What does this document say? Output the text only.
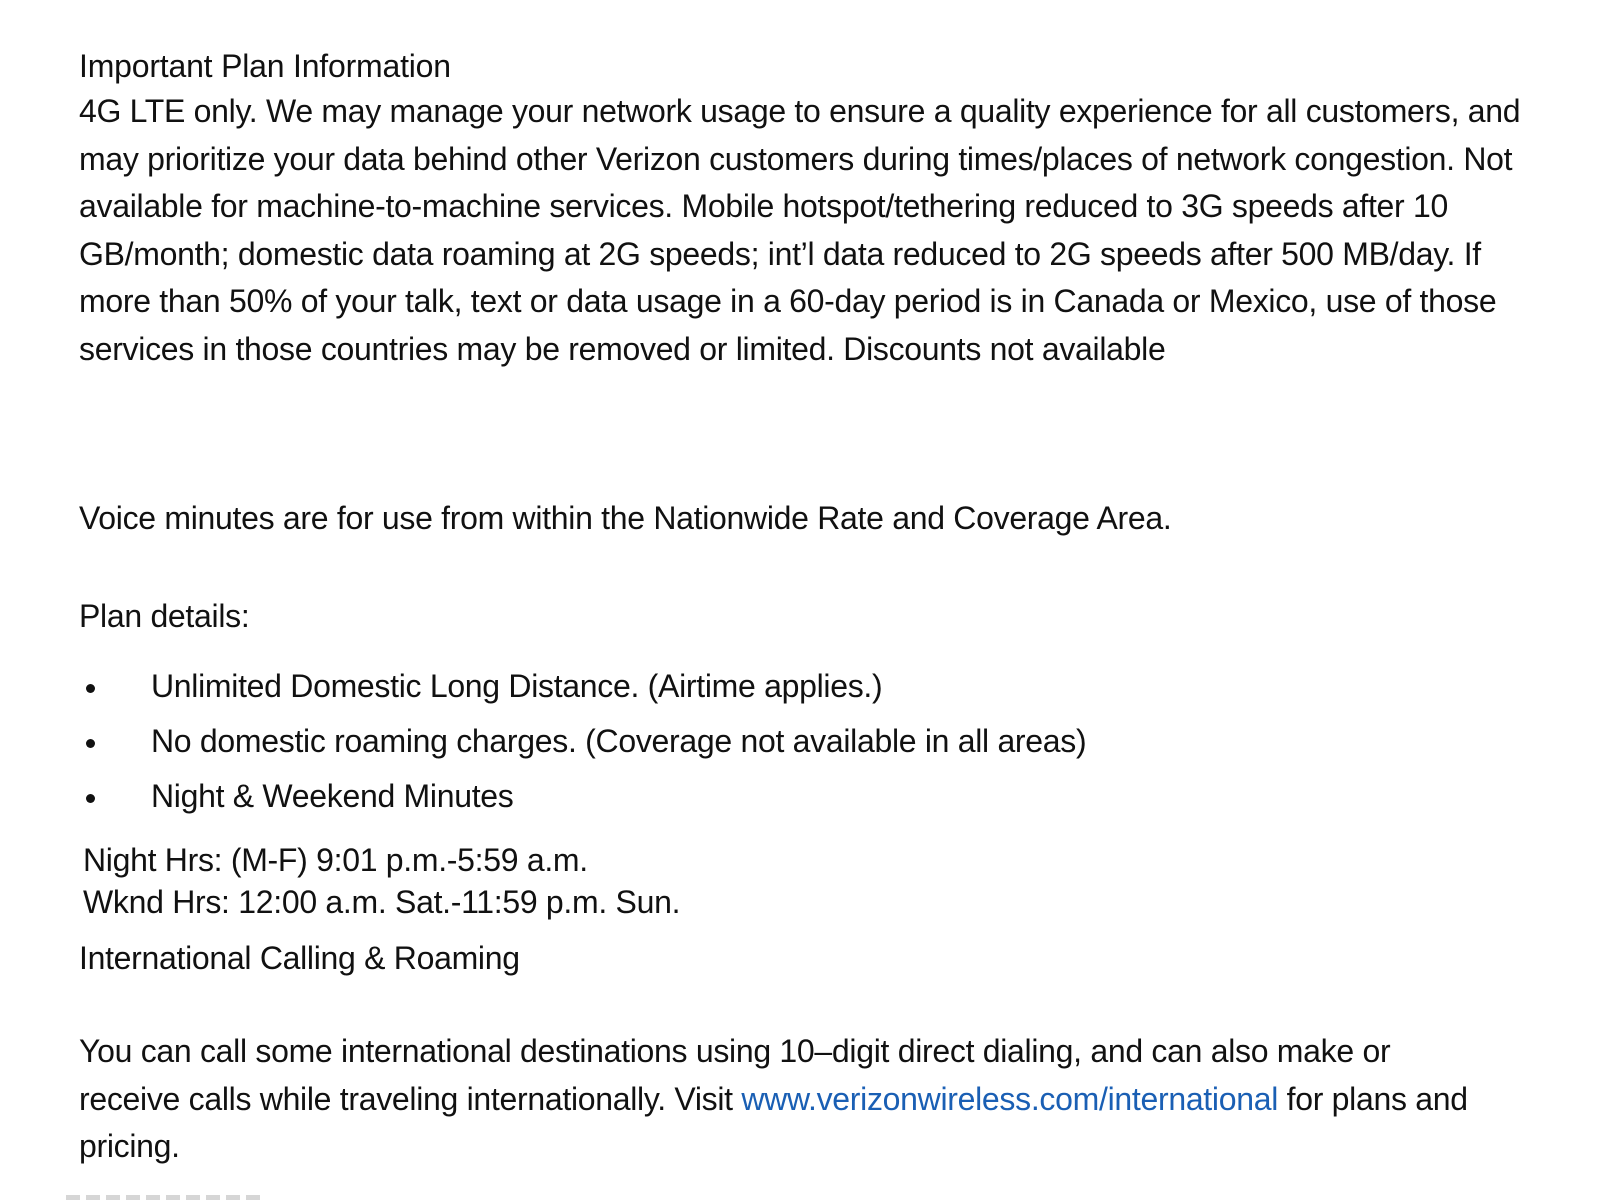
Important Plan Information

4G LTE only. We may manage your network usage to ensure a quality experience for all customers, and may prioritize your data behind other Verizon customers during times/places of network congestion. Not available for machine-to-machine services. Mobile hotspot/tethering reduced to 3G speeds after 10 GB/month; domestic data roaming at 2G speeds; int’l data reduced to 2G speeds after 500 MB/day. If more than 50% of your talk, text or data usage in a 60-day period is in Canada or Mexico, use of those services in those countries may be removed or limited. Discounts not available

Voice minutes are for use from within the Nationwide Rate and Coverage Area.

Plan details:

Unlimited Domestic Long Distance. (Airtime applies.)
No domestic roaming charges. (Coverage not available in all areas)
Night & Weekend Minutes
Night Hrs: (M-F) 9:01 p.m.-5:59 a.m.
Wknd Hrs: 12:00 a.m. Sat.-11:59 p.m. Sun.

International Calling & Roaming

You can call some international destinations using 10–digit direct dialing, and can also make or receive calls while traveling internationally. Visit www.verizonwireless.com/international for plans and pricing.
